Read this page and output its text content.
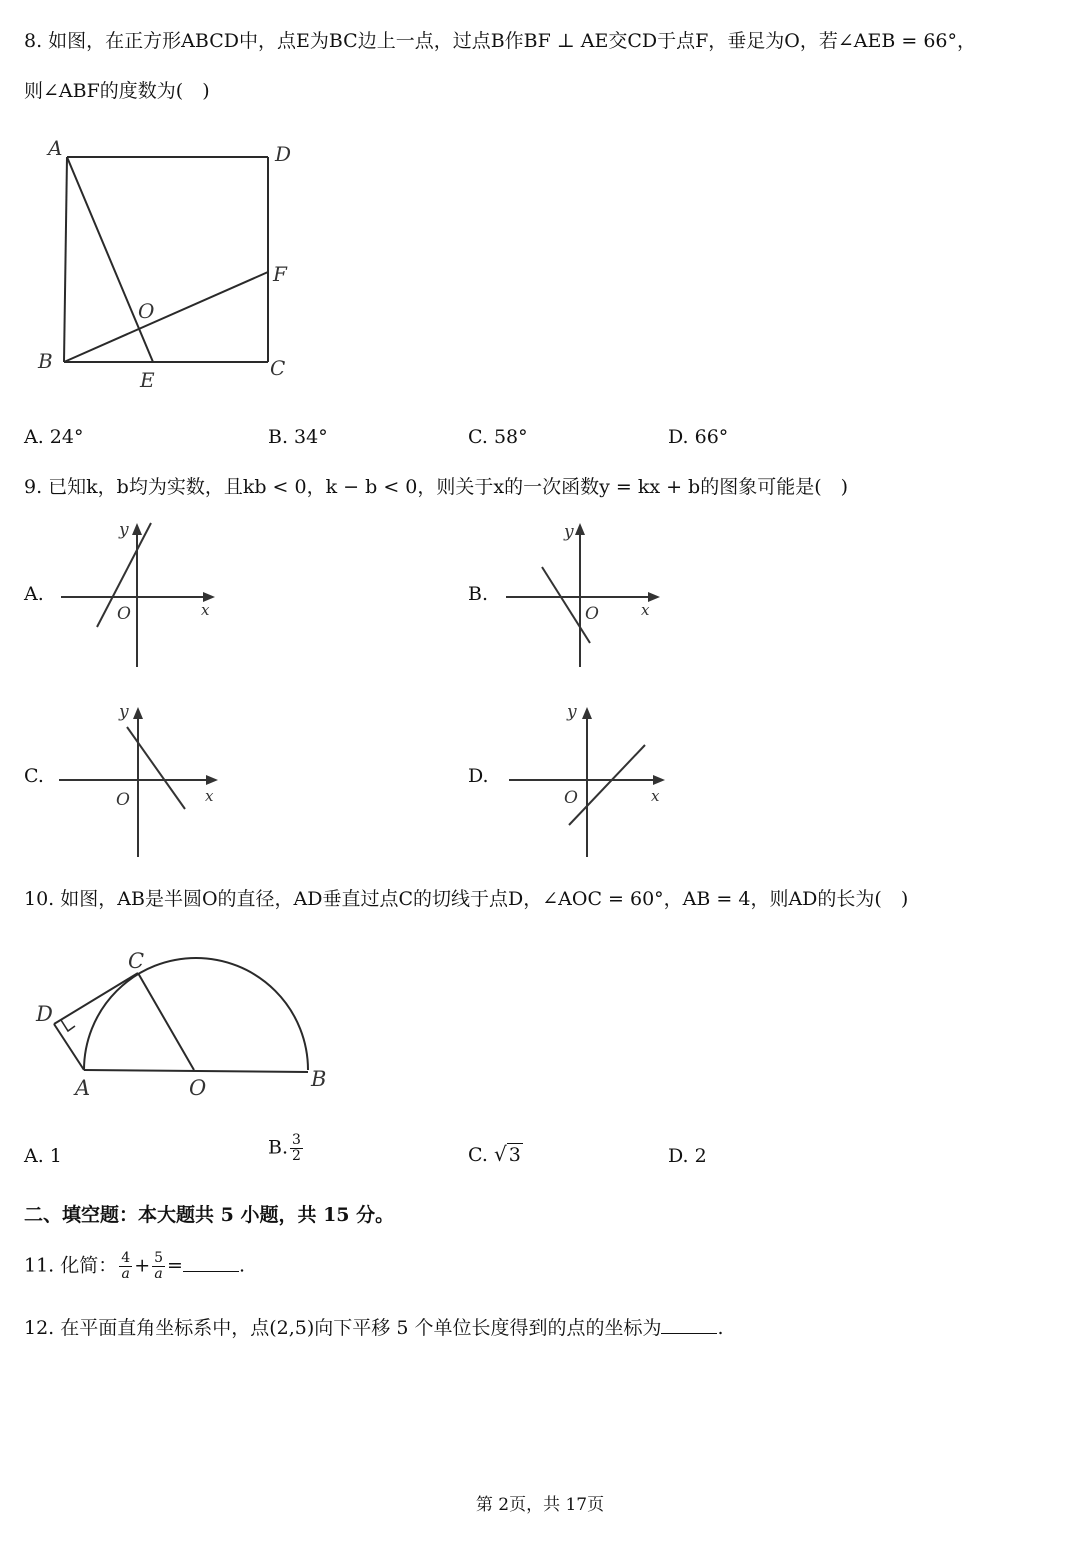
8. 如图，在正方形ABCD中，点E为BC边上一点，过点B作BF ⊥ AE交CD于点F，垂足为O，若∠AEB = 66°，
则∠ABF的度数为(　)
A	D
F
O
B
E	C
A. 24°	B. 34°	C. 58°	D. 66°
9. 已知k，b均为实数，且kb < 0，k − b < 0，则关于x的一次函数y = kx + b的图象可能是(　)
A.
y
O	x
B.
y
O	x
C.
y
O	x
D.
y
O	x
10. 如图，AB是半圆O的直径，AD垂直过点C的切线于点D，∠AOC = 60°，AB = 4，则AD的长为(　)
C
D
A	O	B
A. 1	B. $\frac{3}{2}$	C. √ 3	D. 2
二、填空题：本大题共 5 小题，共 15 分。
11. 化简： $\frac{4}{a} + \frac{5}{a}$ =	.
12. 在平面直角坐标系中，点(2,5)向下平移 5 个单位长度得到的点的坐标为	.
第 2页，共 17页
